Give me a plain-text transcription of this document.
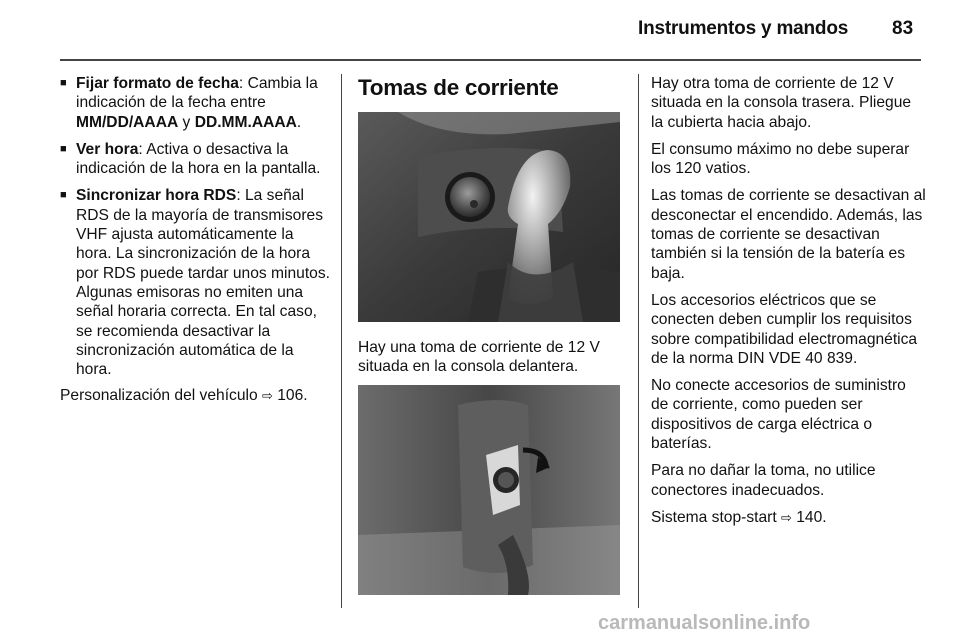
Instrumentos y mandos 83
■ Fijar formato de fecha: Cambia la indicación de la fecha entre MM/DD/AAAA y DD.MM.AAAA.
■ Ver hora: Activa o desactiva la indicación de la hora en la pantalla.
■ Sincronizar hora RDS: La señal RDS de la mayoría de transmisores VHF ajusta automáticamente la hora. La sincronización de la hora por RDS puede tardar unos minutos. Algunas emisoras no emiten una señal horaria correcta. En tal caso, se recomienda desactivar la sincronización automática de la hora.

Personalización del vehículo ⇨ 106.

Tomas de corriente

Hay una toma de corriente de 12 V situada en la consola delantera.

Hay otra toma de corriente de 12 V situada en la consola trasera. Pliegue la cubierta hacia abajo.

El consumo máximo no debe superar los 120 vatios.

Las tomas de corriente se desactivan al desconectar el encendido. Además, las tomas de corriente se desactivan también si la tensión de la batería es baja.

Los accesorios eléctricos que se conecten deben cumplir los requisitos sobre compatibilidad electromagnética de la norma DIN VDE 40 839.

No conecte accesorios de suministro de corriente, como pueden ser dispositivos de carga eléctrica o baterías.

Para no dañar la toma, no utilice conectores inadecuados.

Sistema stop-start ⇨ 140.

carmanualsonline.info
